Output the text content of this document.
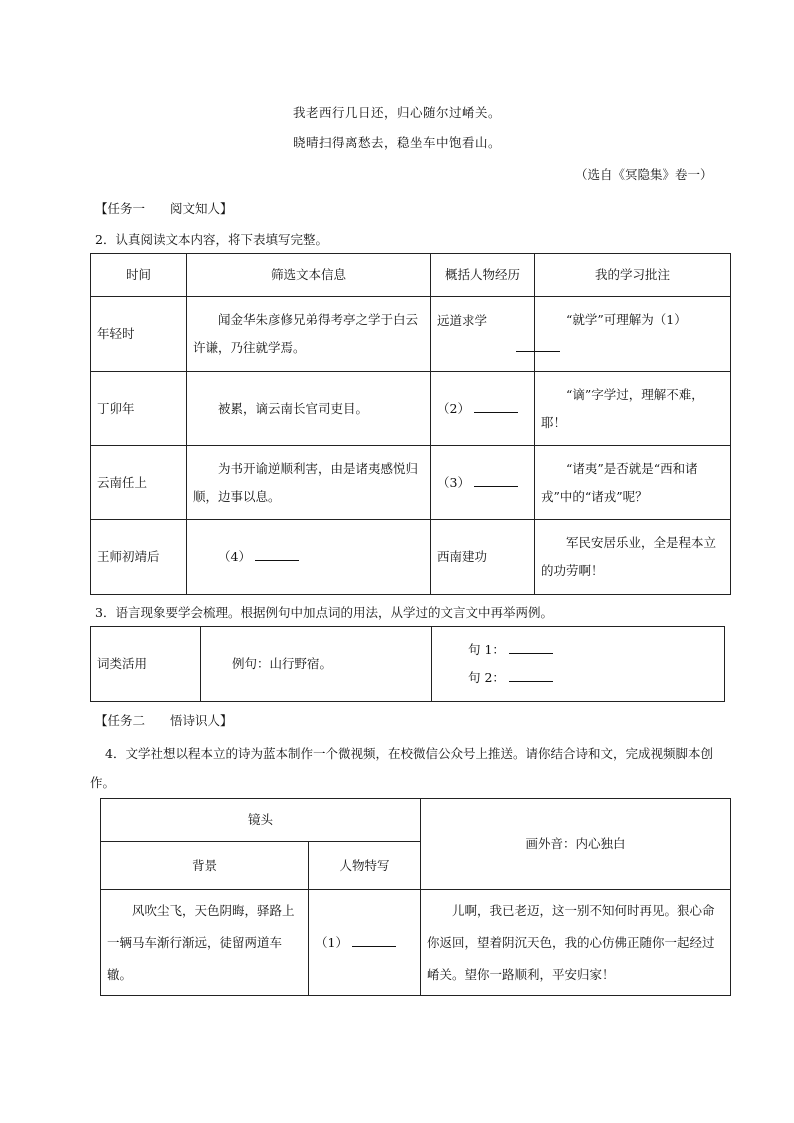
我老西行几日还，归心随尔过崤关。
晓晴扫得离愁去，稳坐车中饱看山。
（选自《冥隐集》卷一）
【任务一　　阅文知人】
2．认真阅读文本内容，将下表填写完整。
时间	筛选文本信息	概括人物经历	我的学习批注
年轻时	闻金华朱彦修兄弟得考亭之学于白云许谦，乃往就学焉。	远道求学	“就学”可理解为（1）

丁卯年	被累，谪云南长官司吏目。	（2）	“谪”字学过，理解不难，耶！
云南任上	为书开谕逆顺利害，由是诸夷感悦归顺，边事以息。	（3）	“诸夷”是否就是“西和诸戎”中的“诸戎”呢？
王师初靖后	（4）	西南建功	军民安居乐业，全是程本立的功劳啊！
3．语言现象要学会梳理。根据例句中加点词的用法，从学过的文言文中再举两例。
词类活用	例句：山行野宿。	
句 1：
句 2：
【任务二　　悟诗识人】
4．文学社想以程本立的诗为蓝本制作一个微视频，在校微信公众号上推送。请你结合诗和文，完成视频脚本创作。
镜头		画外音：内心独白
背景	人物特写	
风吹尘飞，天色阴晦，驿路上一辆马车渐行渐远，徒留两道车辙。	（1）	儿啊，我已老迈，这一别不知何时再见。狠心命你返回，望着阴沉天色，我的心仿佛正随你一起经过崤关。望你一路顺利，平安归家！
